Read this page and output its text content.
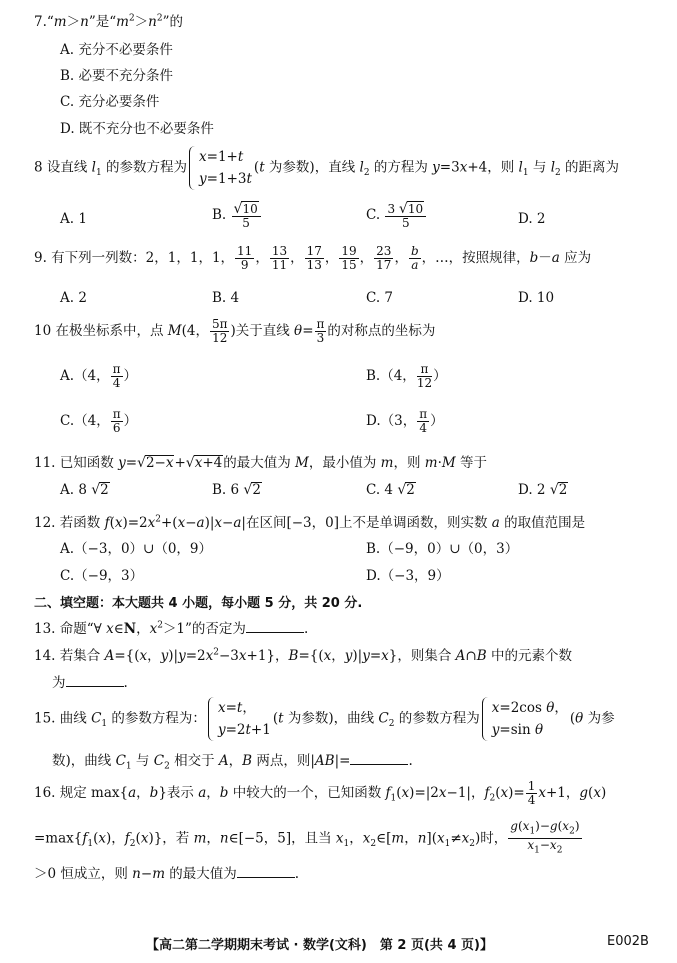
7.“m＞n”是“$m^2>n^2$”的
A. 充分不必要条件
B. 必要不充分条件
C. 充分必要条件
D. 既不充分也不必要条件
8 设直线 $l_1$ 的参数方程为
x=1+t
y=1+3t
(t 为参数)，直线 $l_2$ 的方程为 y=3x+4，则 $l_1$ 与 $l_2$ 的距离为
A. 1	B. $\frac{√10}{5}$	C. $\frac{3 √10}{5}$	D. 2
9. 有下列一列数：2，1，1，1， $\frac{11}{9}$ ， $\frac{13}{11}$ ， $\frac{17}{13}$ ， $\frac{19}{15}$ ， $\frac{23}{17}$ ， $\frac{b}{a}$ ，…，按照规律，b－a 应为
A. 2	B. 4	C. 7	D. 10
10 在极坐标系中，点 M(4， $\frac{5\pi}{12}$ )关于直线 $\theta= \frac{\pi}{3}$ 的对称点的坐标为
A.（4， $\frac{\pi}{4}$ ）	B.（4， $\frac{\pi}{12}$ ）
C.（4， $\frac{\pi}{6}$ ）	D.（3， $\frac{\pi}{4}$ ）
11. 已知函数 y=√2−x+√x+4的最大值为 M，最小值为 m，则 m·M 等于
A. 8 √2	B. 6 √2	C. 4 √2	D. 2 √2
12. 若函数 $f(x)=2x^2+(x-a)|x-a|$在区间[−3，0]上不是单调函数，则实数 a 的取值范围是
A.（−3，0）∪（0，9）	B.（−9，0）∪（0，3）
C.（−9，3）	D.（−3，9）
二、填空题：本大题共 4 小题，每小题 5 分，共 20 分.
13. 命题“∀ x∈N，$x^2>1$”的否定为	.
14. 若集合 A={(x，$y)|y=2x^2-3x+1$}，B={(x，y)|y=x}，则集合 A∩B 中的元素个数
为	.
15. 曲线 $C_1$ 的参数方程为：
x=t，
y=2t+1
(t 为参数)，曲线 $C_2$ 的参数方程为
x=2cos θ，
y=sin θ
(θ 为参
数)，曲线 $C_1$ 与 $C_2$ 相交于 A，B 两点，则|AB|=	.
16. 规定 max{a，b}表示 a，b 中较大的一个，已知函数 $f_1(x)=|2x-1|$，$f_2(x)= \frac{1}{4} x+1$，g(x)
$=\max\{f_1(x)$，$f_2(x)$}，若 m，n∈[−5，5]，且当 $x_1$，$x_2\in[m$，$n](x_1\ne x_2)$时， $\frac{g(x_1)-g(x_2)}{x_1-x_2}$
＞0 恒成立，则 n−m 的最大值为	.
【高二第二学期期末考试 · 数学(文科)　第 2 页(共 4 页)】	E002B
